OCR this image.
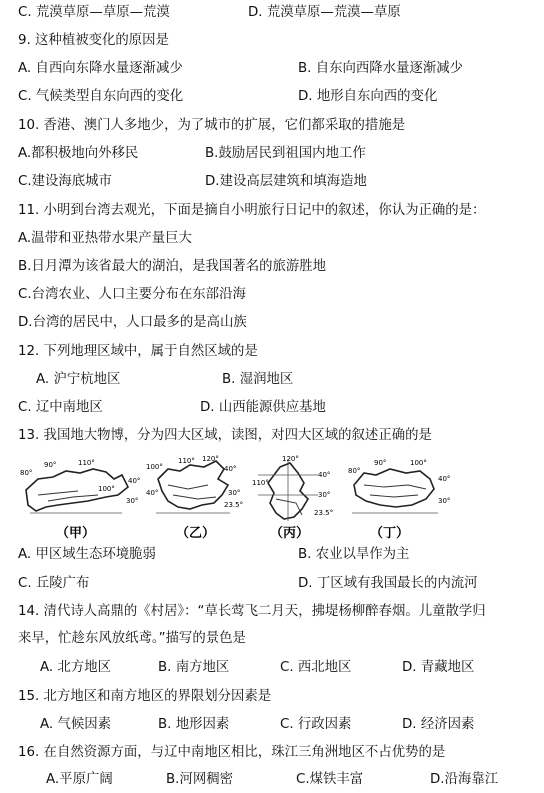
C. 荒漠草原—草原—荒漠	D. 荒漠草原—荒漠—草原
9. 这种植被变化的原因是
A. 自西向东降水量逐渐减少	B. 自东向西降水量逐渐减少
C. 气候类型自东向西的变化	D. 地形自东向西的变化
10. 香港、澳门人多地少，为了城市的扩展，它们都采取的措施是
A.都积极地向外移民	B.鼓励居民到祖国内地工作
C.建设海底城市	D.建设高层建筑和填海造地
11. 小明到台湾去观光，下面是摘自小明旅行日记中的叙述，你认为正确的是：
A.温带和亚热带水果产量巨大
B.日月潭为该省最大的湖泊，是我国著名的旅游胜地
C.台湾农业、人口主要分布在东部沿海
D.台湾的居民中，人口最多的是高山族
12. 下列地理区域中，属于自然区域的是
A. 沪宁杭地区	B. 湿润地区
C. 辽中南地区	D. 山西能源供应基地
13. 我国地大物博，分为四大区域，读图，对四大区域的叙述正确的是
80°
90°	110°
100°
40°
30°
（甲）
100°
120°
110°
40°
30°
40°
23.5°
（乙）
120°
110°
40°
30°
23.5°
（丙）
90°	100°
40°
30°
80°
（丁）
A. 甲区域生态环境脆弱	B. 农业以旱作为主
C. 丘陵广布	D. 丁区域有我国最长的内流河
14. 清代诗人高鼎的《村居》：“草长莺飞二月天，拂堤杨柳醉春烟。儿童散学归
来早，忙趁东风放纸鸢。”描写的景色是
A. 北方地区	B. 南方地区	C. 西北地区	D. 青藏地区
15. 北方地区和南方地区的界限划分因素是
A. 气候因素	B. 地形因素	C. 行政因素	D. 经济因素
16. 在自然资源方面，与辽中南地区相比，珠江三角洲地区不占优势的是
A.平原广阔	B.河网稠密	C.煤铁丰富	D.沿海靠江
